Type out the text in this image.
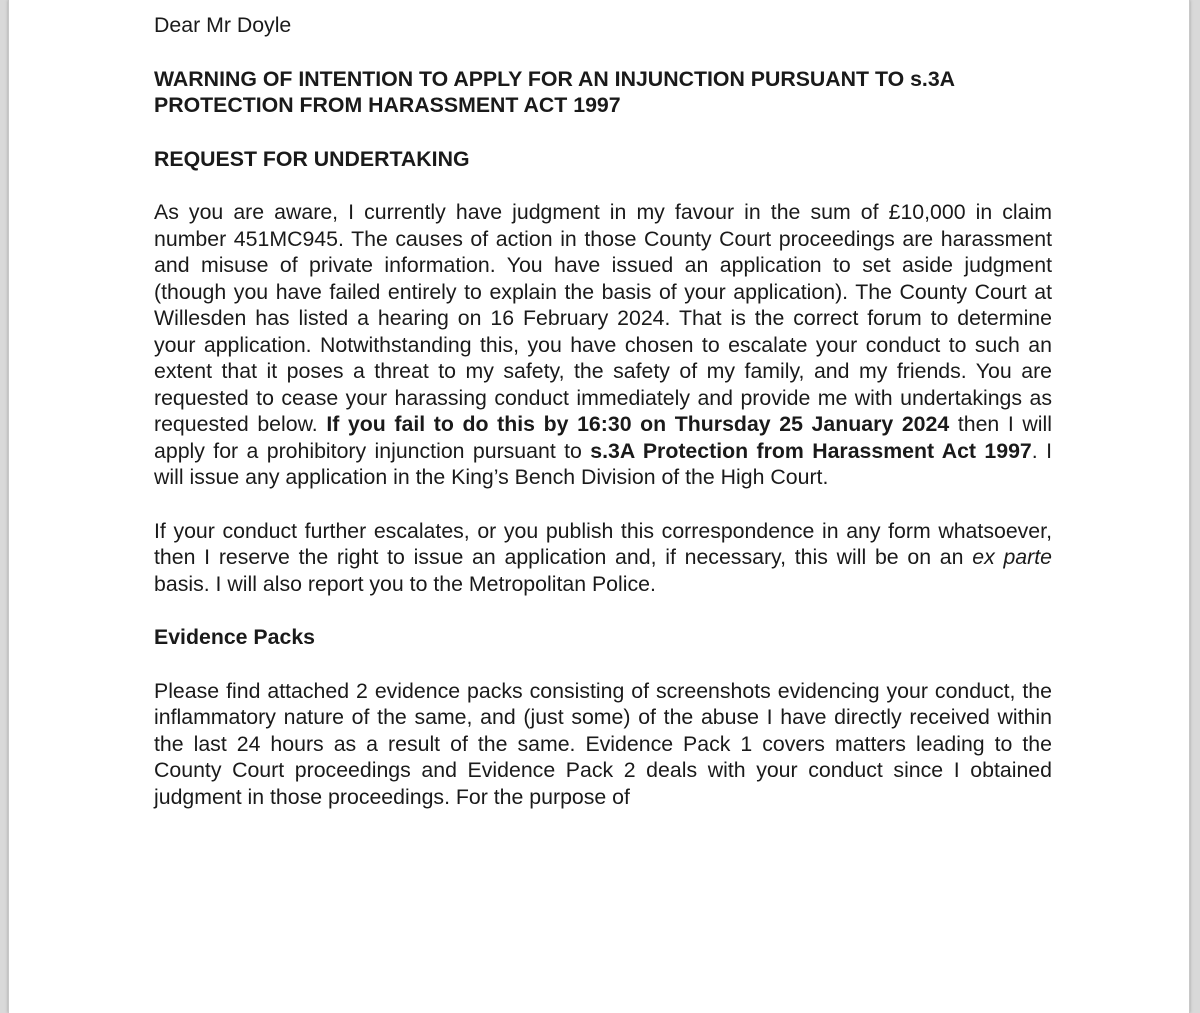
Dear Mr Doyle

WARNING OF INTENTION TO APPLY FOR AN INJUNCTION PURSUANT TO s.3A PROTECTION FROM HARASSMENT ACT 1997

REQUEST FOR UNDERTAKING

As you are aware, I currently have judgment in my favour in the sum of £10,000 in claim number 451MC945. The causes of action in those County Court proceedings are harassment and misuse of private information. You have issued an application to set aside judgment (though you have failed entirely to explain the basis of your application). The County Court at Willesden has listed a hearing on 16 February 2024. That is the correct forum to determine your application. Notwithstanding this, you have chosen to escalate your conduct to such an extent that it poses a threat to my safety, the safety of my family, and my friends. You are requested to cease your harassing conduct immediately and provide me with undertakings as requested below. If you fail to do this by 16:30 on Thursday 25 January 2024 then I will apply for a prohibitory injunction pursuant to s.3A Protection from Harassment Act 1997. I will issue any application in the King’s Bench Division of the High Court.

If your conduct further escalates, or you publish this correspondence in any form whatsoever, then I reserve the right to issue an application and, if necessary, this will be on an ex parte basis. I will also report you to the Metropolitan Police.

Evidence Packs

Please find attached 2 evidence packs consisting of screenshots evidencing your conduct, the inflammatory nature of the same, and (just some) of the abuse I have directly received within the last 24 hours as a result of the same. Evidence Pack 1 covers matters leading to the County Court proceedings and Evidence Pack 2 deals with your conduct since I obtained judgment in those proceedings. For the purpose of
